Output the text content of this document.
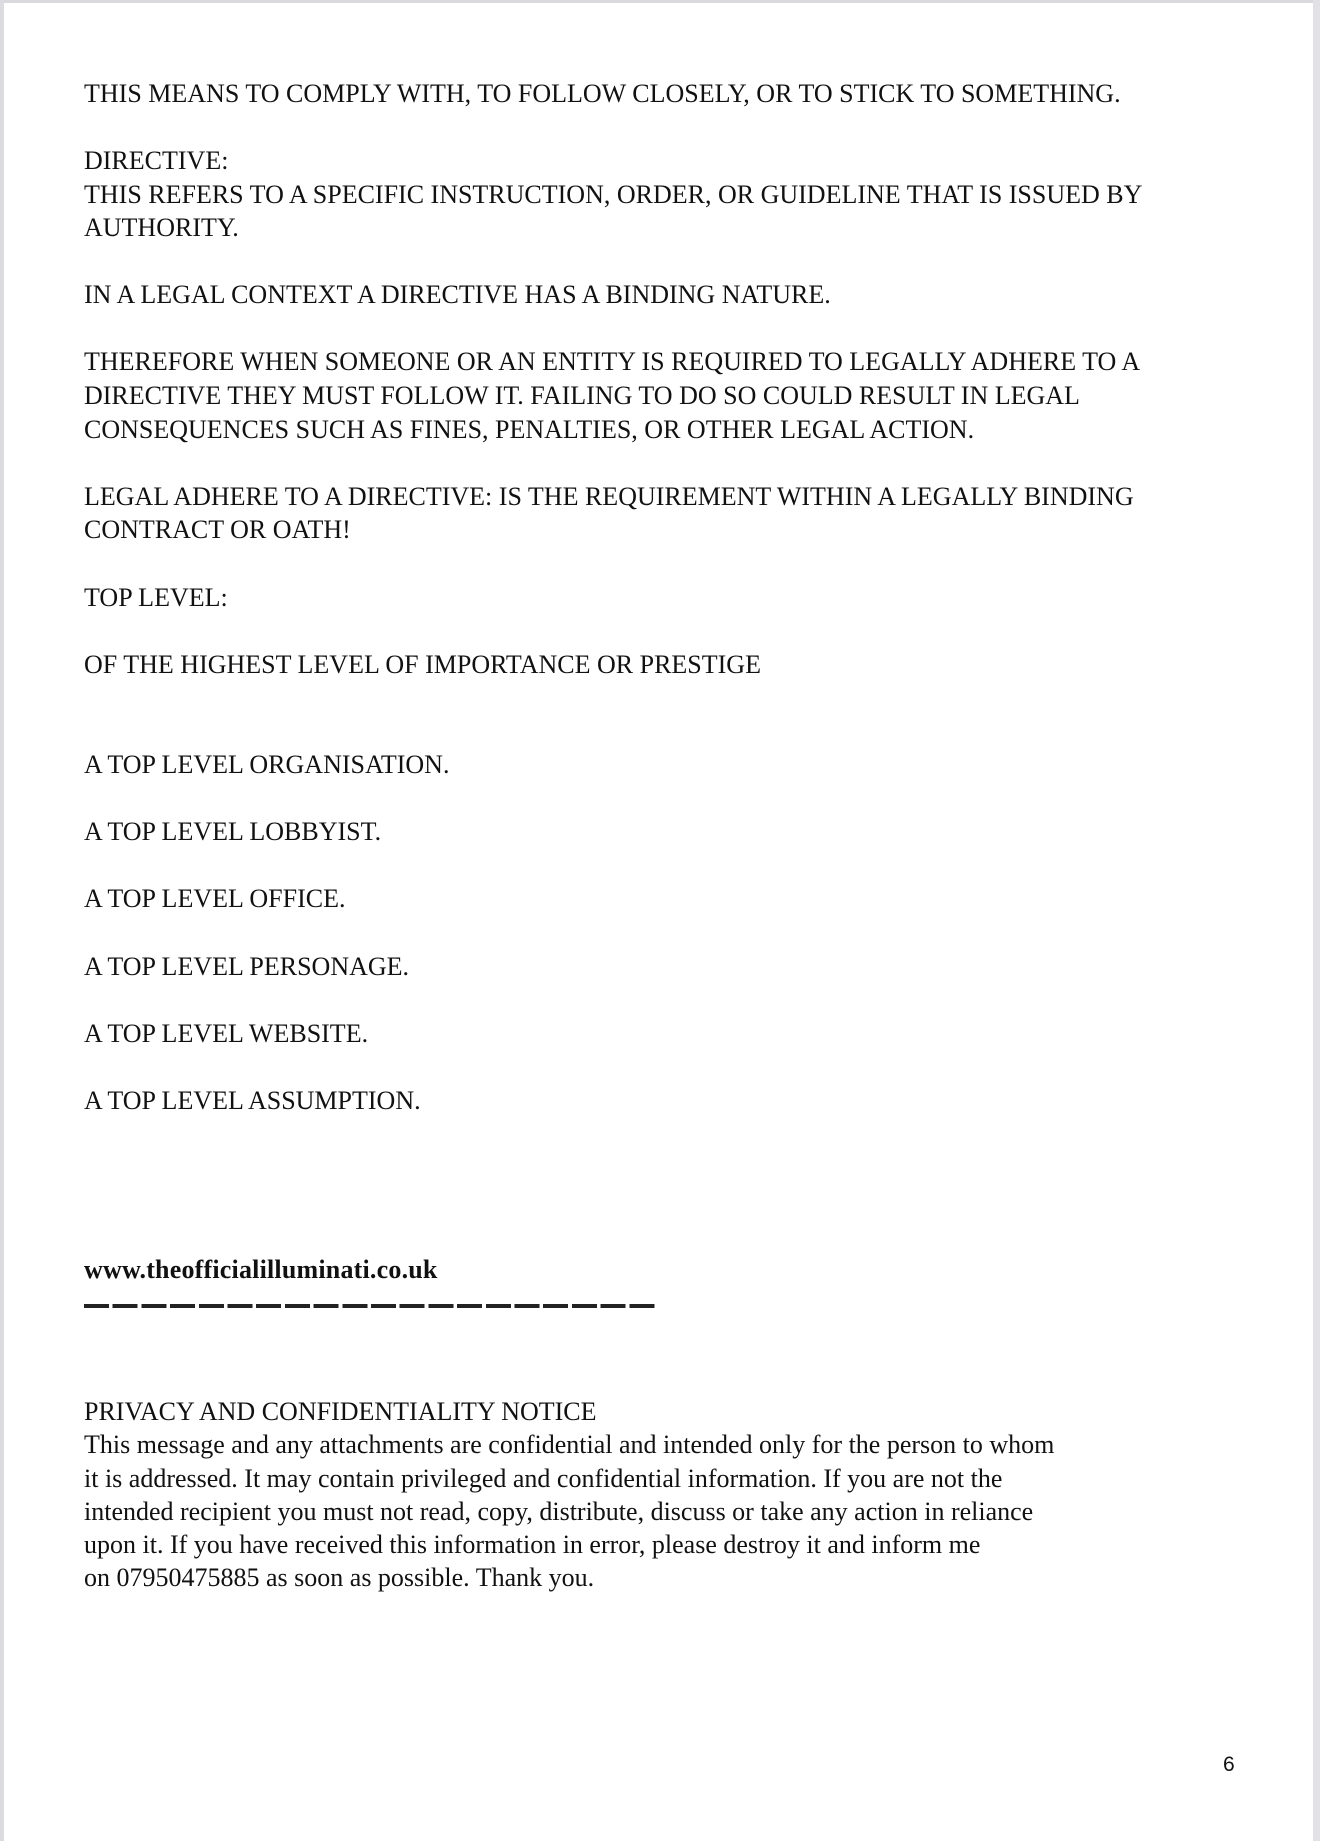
THIS MEANS TO COMPLY WITH, TO FOLLOW CLOSELY, OR TO STICK TO SOMETHING.
DIRECTIVE:
THIS REFERS TO A SPECIFIC INSTRUCTION, ORDER, OR GUIDELINE THAT IS ISSUED BY
AUTHORITY.
IN A LEGAL CONTEXT A DIRECTIVE HAS A BINDING NATURE.
THEREFORE WHEN SOMEONE OR AN ENTITY IS REQUIRED TO LEGALLY ADHERE TO A
DIRECTIVE THEY MUST FOLLOW IT. FAILING TO DO SO COULD RESULT IN LEGAL
CONSEQUENCES SUCH AS FINES, PENALTIES, OR OTHER LEGAL ACTION.
LEGAL ADHERE TO A DIRECTIVE: IS THE REQUIREMENT WITHIN A LEGALLY BINDING
CONTRACT OR OATH!
TOP LEVEL:
OF THE HIGHEST LEVEL OF IMPORTANCE OR PRESTIGE
A TOP LEVEL ORGANISATION.
A TOP LEVEL LOBBYIST.
A TOP LEVEL OFFICE.
A TOP LEVEL PERSONAGE.
A TOP LEVEL WEBSITE.
A TOP LEVEL ASSUMPTION.
www.theofficialilluminati.co.uk
PRIVACY AND CONFIDENTIALITY NOTICE
This message and any attachments are confidential and intended only for the person to whom
it is addressed. It may contain privileged and confidential information. If you are not the
intended recipient you must not read, copy, distribute, discuss or take any action in reliance
upon it. If you have received this information in error, please destroy it and inform me
on 07950475885 as soon as possible. Thank you.
6
